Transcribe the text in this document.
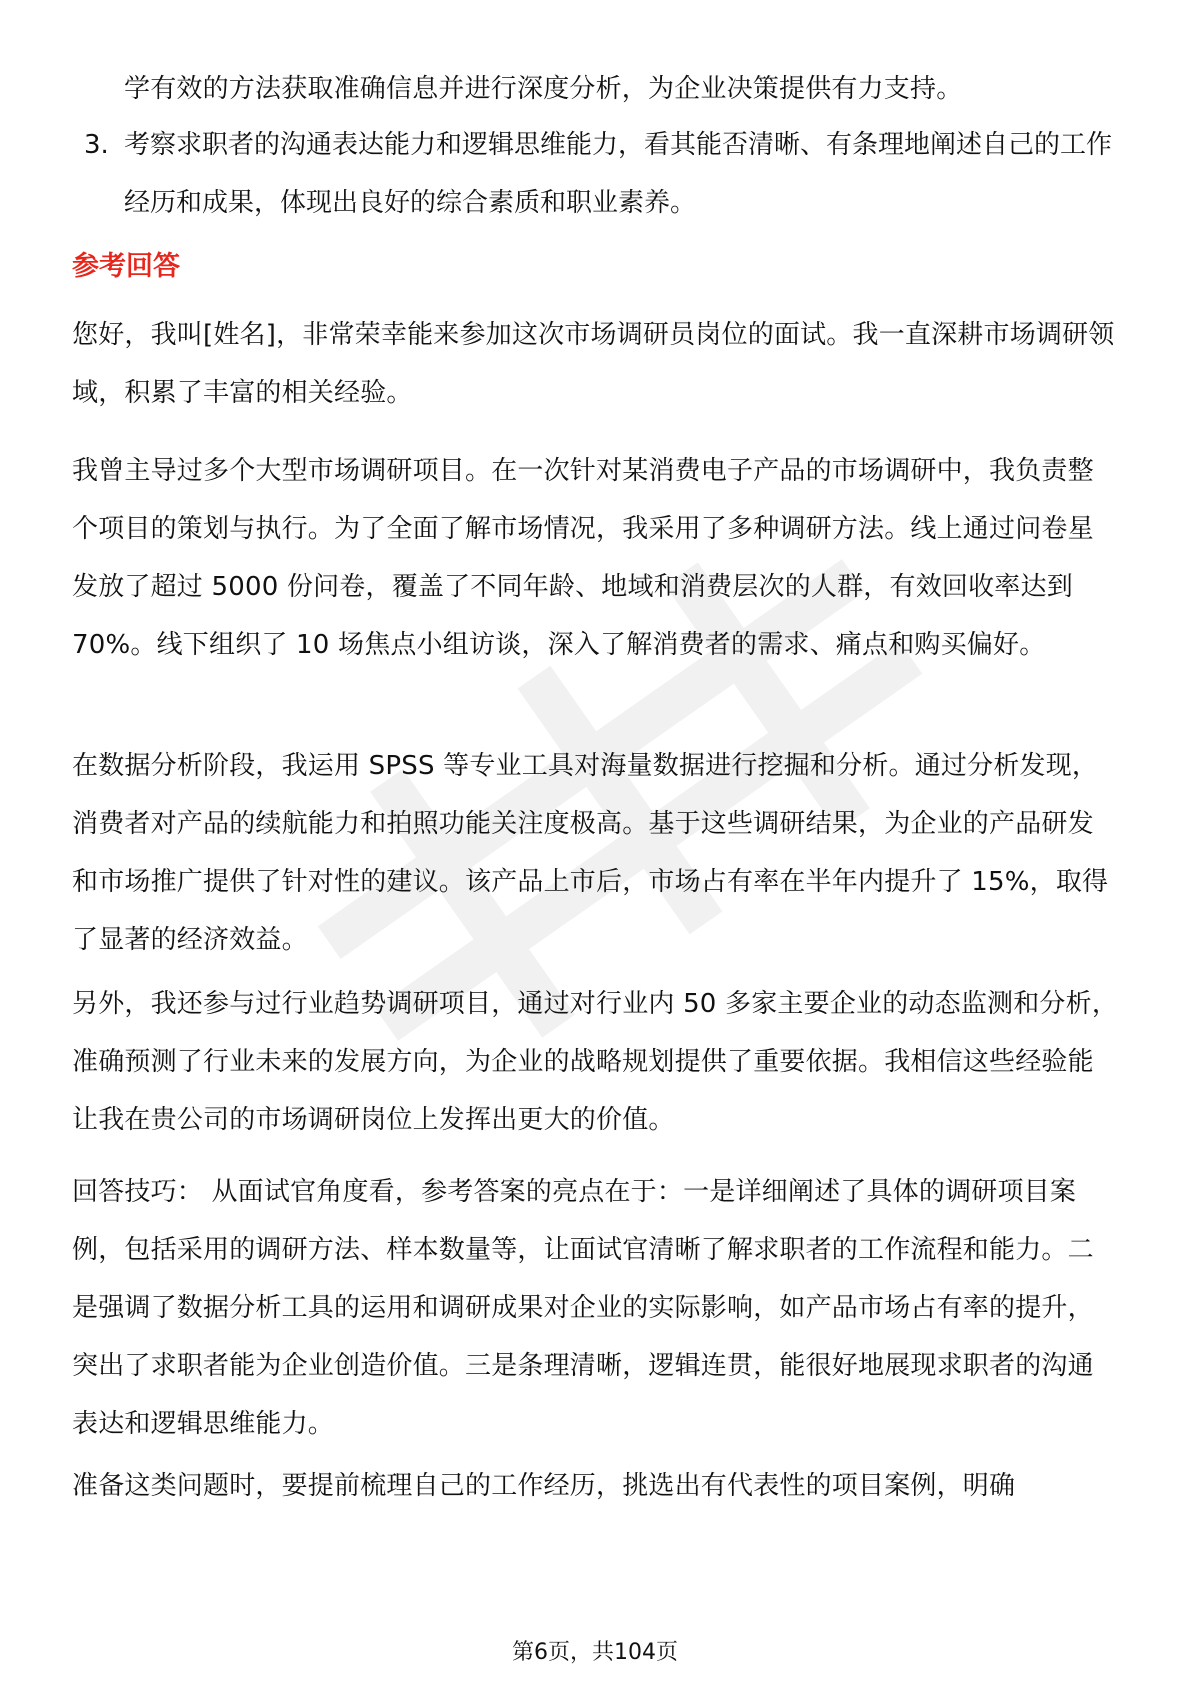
学有效的方法获取准确信息并进行深度分析，为企业决策提供有力支持。
3. 考察求职者的沟通表达能力和逻辑思维能力，看其能否清晰、有条理地阐述自己的工作经历和成果，体现出良好的综合素质和职业素养。
参考回答
您好，我叫[姓名]，非常荣幸能来参加这次市场调研员岗位的面试。我一直深耕市场调研领域，积累了丰富的相关经验。
我曾主导过多个大型市场调研项目。在一次针对某消费电子产品的市场调研中，我负责整个项目的策划与执行。为了全面了解市场情况，我采用了多种调研方法。线上通过问卷星发放了超过 5000 份问卷，覆盖了不同年龄、地域和消费层次的人群，有效回收率达到 70%。线下组织了 10 场焦点小组访谈，深入了解消费者的需求、痛点和购买偏好。
在数据分析阶段，我运用 SPSS 等专业工具对海量数据进行挖掘和分析。通过分析发现，消费者对产品的续航能力和拍照功能关注度极高。基于这些调研结果，为企业的产品研发和市场推广提供了针对性的建议。该产品上市后，市场占有率在半年内提升了 15%，取得了显著的经济效益。
另外，我还参与过行业趋势调研项目，通过对行业内 50 多家主要企业的动态监测和分析，准确预测了行业未来的发展方向，为企业的战略规划提供了重要依据。我相信这些经验能让我在贵公司的市场调研岗位上发挥出更大的价值。
回答技巧： 从面试官角度看，参考答案的亮点在于：一是详细阐述了具体的调研项目案例，包括采用的调研方法、样本数量等，让面试官清晰了解求职者的工作流程和能力。二是强调了数据分析工具的运用和调研成果对企业的实际影响，如产品市场占有率的提升，突出了求职者能为企业创造价值。三是条理清晰，逻辑连贯，能很好地展现求职者的沟通表达和逻辑思维能力。
准备这类问题时，要提前梳理自己的工作经历，挑选出有代表性的项目案例，明确
第6页，共104页
